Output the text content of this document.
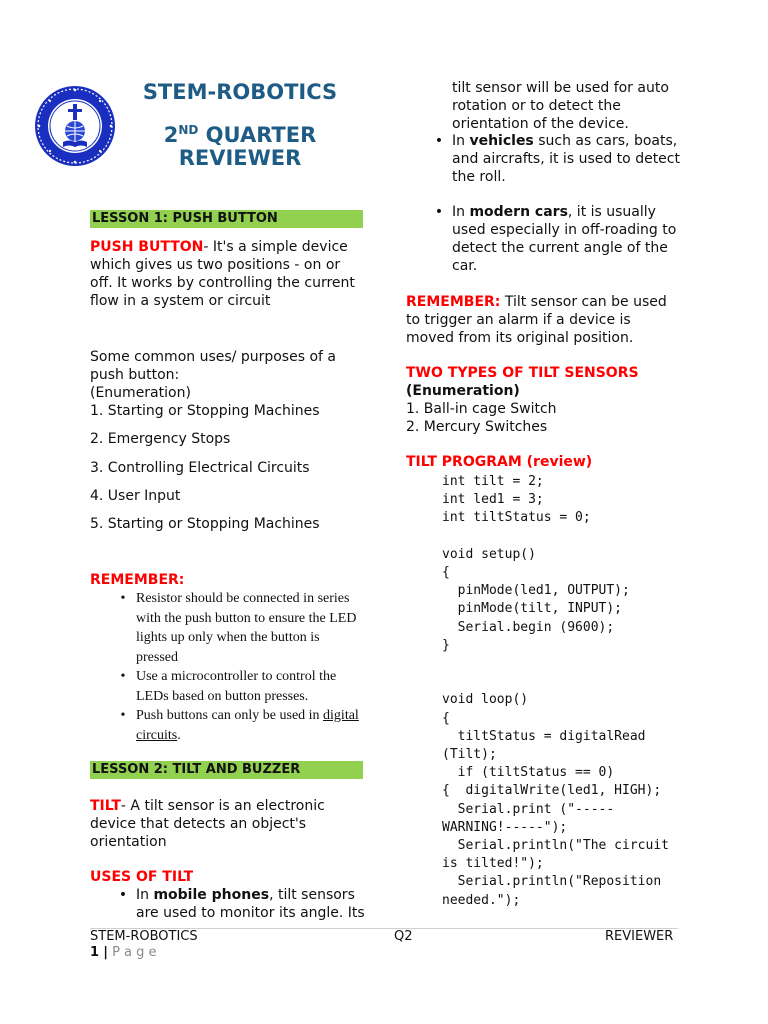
STEM-ROBOTICS
2ND QUARTER
REVIEWER
LESSON 1: PUSH BUTTON
PUSH BUTTON- It's a simple device which gives us two positions - on or off. It works by controlling the current flow in a system or circuit
Some common uses/ purposes of a push button:
(Enumeration)
1. Starting or Stopping Machines
2. Emergency Stops
3. Controlling Electrical Circuits
4. User Input
5. Starting or Stopping Machines
REMEMBER:
• Resistor should be connected in series with the push button to ensure the LED lights up only when the button is pressed
• Use a microcontroller to control the LEDs based on button presses.
• Push buttons can only be used in digital circuits.
LESSON 2: TILT AND BUZZER
TILT- A tilt sensor is an electronic device that detects an object's orientation
USES OF TILT
• In mobile phones, tilt sensors are used to monitor its angle. Its
tilt sensor will be used for auto rotation or to detect the orientation of the device.
• In vehicles such as cars, boats, and aircrafts, it is used to detect the roll.
• In modern cars, it is usually used especially in off-roading to detect the current angle of the car.
REMEMBER: Tilt sensor can be used to trigger an alarm if a device is moved from its original position.
TWO TYPES OF TILT SENSORS
(Enumeration)
1. Ball-in cage Switch
2. Mercury Switches
TILT PROGRAM (review)
int tilt = 2;
int led1 = 3;
int tiltStatus = 0;

void setup()
{
pinMode(led1, OUTPUT);
pinMode(tilt, INPUT);
Serial.begin (9600);
}

void loop()
{
tiltStatus = digitalRead
(Tilt);
if (tiltStatus == 0)
{  digitalWrite(led1, HIGH);
Serial.print ("-----
WARNING!-----");
Serial.println("The circuit
is tilted!");
Serial.println("Reposition
needed.");
STEM-ROBOTICS	Q2	REVIEWER
1 | P a g e
